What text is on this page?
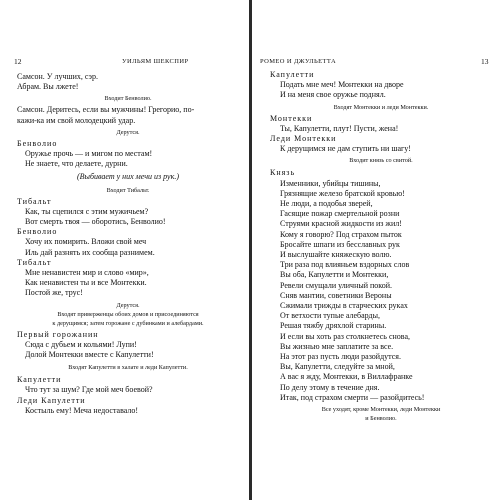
12	УИЛЬЯМ ШЕКСПИР
Самсон. У лучших, сэр.
Абрам. Вы лжете!
Входит Бенволио.
Самсон. Деритесь, если вы мужчины! Грегорио, по-
кажи-ка им свой молодецкий удар.
Дерутся.
Бенволио
Оружье прочь — и мигом по местам!
Не знаете, что делаете, дурни.
(Выбивает у них мечи из рук.)
Входит Тибальт.
Тибальт
Как, ты сцепился с этим мужичьем?
Вот смерть твоя — оборотись, Бенволио!
Бенволио
Хочу их помирить. Вложи свой меч
Иль дай разнять их сообща разнимем.
Тибальт
Мне ненавистен мир и слово «мир»,
Как ненавистен ты и все Монтекки.
Постой же, трус!
Дерутся.
Входят приверженцы обоих домов и присоединяются
к дерущимся; затем горожане с дубинками и алебардами.
Первый горожанин
Сюда с дубьем и кольями! Лупи!
Долой Монтекки вместе с Капулетти!
Входят Капулетти в халате и леди Капулетти.
Капулетти
Что тут за шум? Где мой меч боевой?
Леди Капулетти
Костыль ему! Меча недоставало!
РОМЕО И ДЖУЛЬЕТТА	13
Капулетти
Подать мне меч! Монтекки на дворе
И на меня свое оружье поднял.
Входят Монтекки и леди Монтекки.
Монтекки
Ты, Капулетти, плут! Пусти, жена!
Леди Монтекки
К дерущимся не дам ступить ни шагу!
Входит князь со свитой.
Князь
Изменники, убийцы тишины,
Грязнящие железо братской кровью!
Не люди, а подобья зверей,
Гасящие пожар смертельной розни
Струями красной жидкости из жил!
Кому я говорю? Под страхом пыток
Бросайте шпаги из бесславных рук
И выслушайте княжескую волю.
Три раза под влияньем вздорных слов
Вы оба, Капулетти и Монтекки,
Ревели смущали уличный покой.
Сняв мантии, советники Вероны
Сжимали трижды в старческих руках
От ветхости тупые алебарды,
Решая тяжбу дряхлой старины.
И если вы хоть раз столкнетесь снова,
Вы жизнью мне заплатите за все.
На этот раз пусть люди разойдутся.
Вы, Капулетти, следуйте за мной,
А вас я жду, Монтекки, в Виллафранке
По делу этому в течение дня.
Итак, под страхом смерти — разойдитесь!
Все уходят, кроме Монтекки, леди Монтекки
и Бенволио.
